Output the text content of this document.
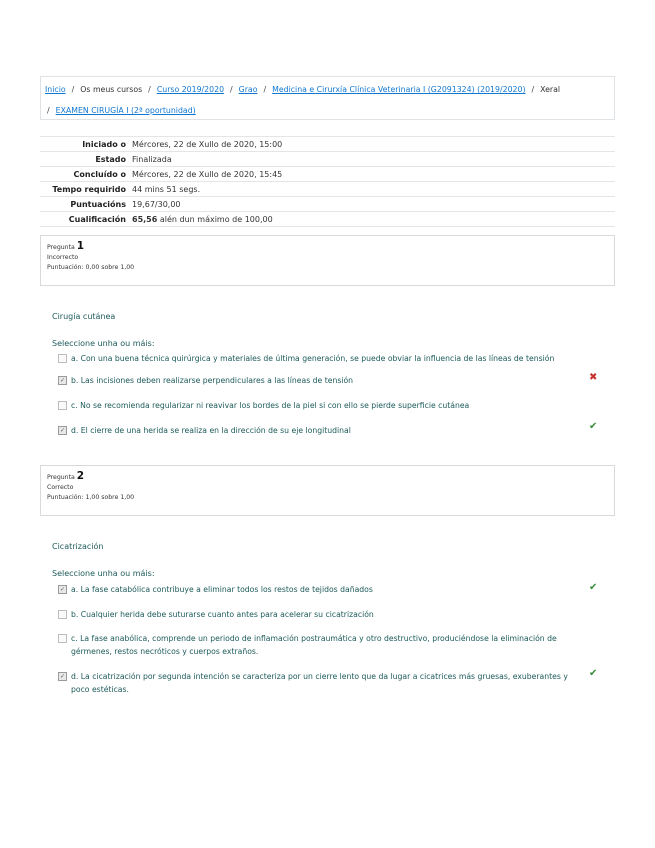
Inicio / Os meus cursos / Curso 2019/2020 / Grao / Medicina e Cirurxía Clínica Veterinaria I (G2091324) (2019/2020) / Xeral
/ EXAMEN CIRUGÍA I (2ª oportunidad)
Iniciado o	Mércores, 22 de Xullo de 2020, 15:00
Estado	Finalizada
Concluído o	Mércores, 22 de Xullo de 2020, 15:45
Tempo requirido	44 mins 51 segs.
Puntuacións	19,67/30,00
Cualificación	65,56 alén dun máximo de 100,00
Pregunta 1
Incorrecto
Puntuación: 0,00 sobre 1,00
Cirugía cutánea
Seleccione unha ou máis:
a. Con una buena técnica quirúrgica y materiales de última generación, se puede obviar la influencia de las líneas de tensión
✓
b. Las incisiones deben realizarse perpendiculares a las líneas de tensión	✖
c. No se recomienda regularizar ni reavivar los bordes de la piel si con ello se pierde superficie cutánea
✓
d. El cierre de una herida se realiza en la dirección de su eje longitudinal	✔
Pregunta 2
Correcto
Puntuación: 1,00 sobre 1,00
Cicatrización
Seleccione unha ou máis:
✓
a. La fase catabólica contribuye a eliminar todos los restos de tejidos dañados	✔
b. Cualquier herida debe suturarse cuanto antes para acelerar su cicatrización
c. La fase anabólica, comprende un periodo de inflamación postraumática y otro destructivo, produciéndose la eliminación de gérmenes, restos necróticos y cuerpos extraños.
✓
d. La cicatrización por segunda intención se caracteriza por un cierre lento que da lugar a cicatrices más gruesas, exuberantes y poco estéticas.
✔
